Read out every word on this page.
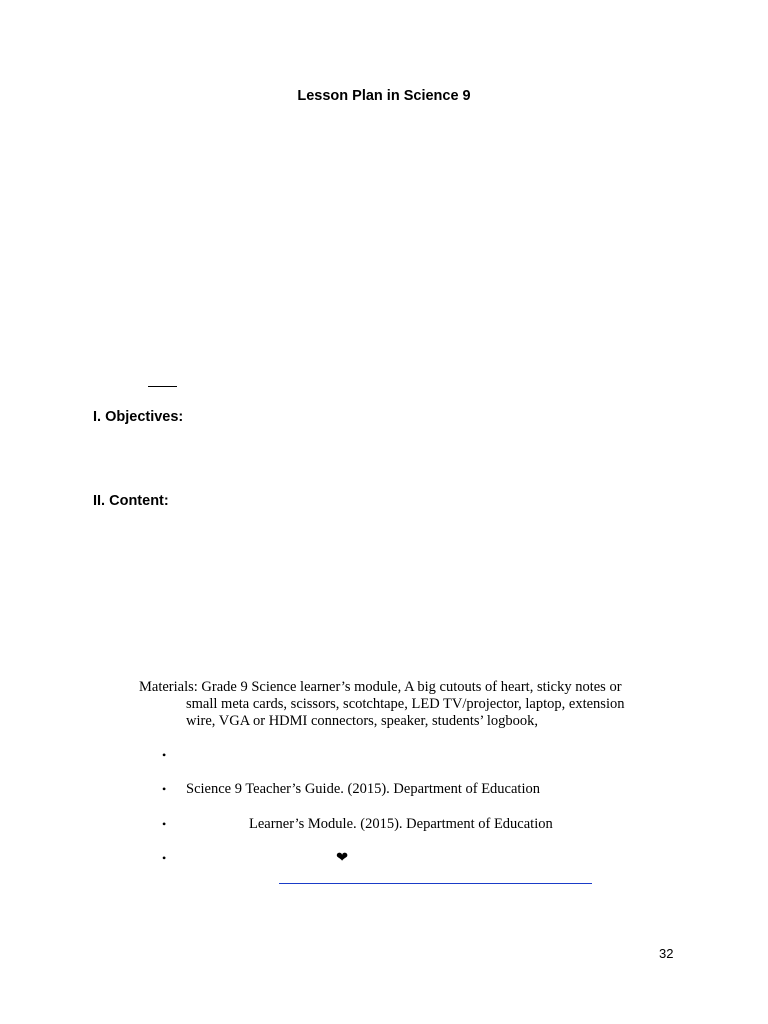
Lesson Plan in Science 9
I. Objectives:
II. Content:
Materials: Grade 9 Science learner’s module, A big cutouts of heart, sticky notes or
small meta cards, scissors, scotchtape, LED TV/projector, laptop, extension
wire, VGA or HDMI connectors, speaker, students’ logbook,
•
• Science 9 Teacher’s Guide. (2015). Department of Education
•	Learner’s Module. (2015). Department of Education
•	❤
32
